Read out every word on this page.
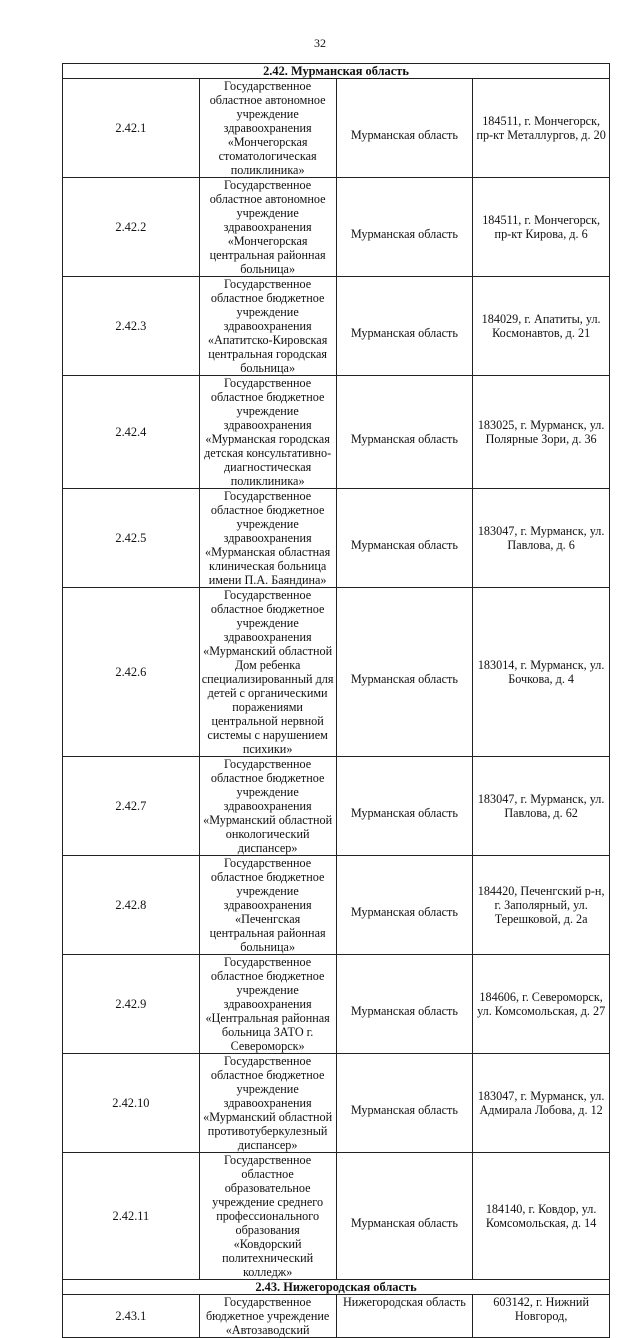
32
2.42. Мурманская область			
2.42.1	Государственное областное автономное учреждение здравоохранения «Мончегорская стоматологическая поликлиника»	Мурманская область	184511, г. Мончегорск, пр-кт Металлургов, д. 20
2.42.2	Государственное областное автономное учреждение здравоохранения «Мончегорская центральная районная больница»	Мурманская область	184511, г. Мончегорск, пр-кт Кирова, д. 6
2.42.3	Государственное областное бюджетное учреждение здравоохранения «Апатитско-Кировская центральная городская больница»	Мурманская область	184029, г. Апатиты, ул. Космонавтов, д. 21
2.42.4	Государственное областное бюджетное учреждение здравоохранения «Мурманская городская детская консультативно-диагностическая поликлиника»	Мурманская область	183025, г. Мурманск, ул. Полярные Зори, д. 36
2.42.5	Государственное областное бюджетное учреждение здравоохранения «Мурманская областная клиническая больница имени П.А. Баяндина»	Мурманская область	183047, г. Мурманск, ул. Павлова, д. 6
2.42.6	Государственное областное бюджетное учреждение здравоохранения «Мурманский областной Дом ребенка специализированный для детей с органическими поражениями центральной нервной системы с нарушением психики»	Мурманская область	183014, г. Мурманск, ул. Бочкова, д. 4
2.42.7	Государственное областное бюджетное учреждение здравоохранения «Мурманский областной онкологический диспансер»	Мурманская область	183047, г. Мурманск, ул. Павлова, д. 62
2.42.8	Государственное областное бюджетное учреждение здравоохранения «Печенгская центральная районная больница»	Мурманская область	184420, Печенгский р-н, г. Заполярный, ул. Терешковой, д. 2а
2.42.9	Государственное областное бюджетное учреждение здравоохранения «Центральная районная больница ЗАТО г. Североморск»	Мурманская область	184606, г. Североморск, ул. Комсомольская, д. 27
2.42.10	Государственное областное бюджетное учреждение здравоохранения «Мурманский областной противотуберкулезный диспансер»	Мурманская область	183047, г. Мурманск, ул. Адмирала Лобова, д. 12
2.42.11	Государственное областное образовательное учреждение среднего профессионального образования «Ковдорский политехнический колледж»	Мурманская область	184140, г. Ковдор, ул. Комсомольская, д. 14
2.43. Нижегородская область			
2.43.1	Государственное бюджетное учреждение «Автозаводский	Нижегородская область	603142, г. Нижний Новгород,
